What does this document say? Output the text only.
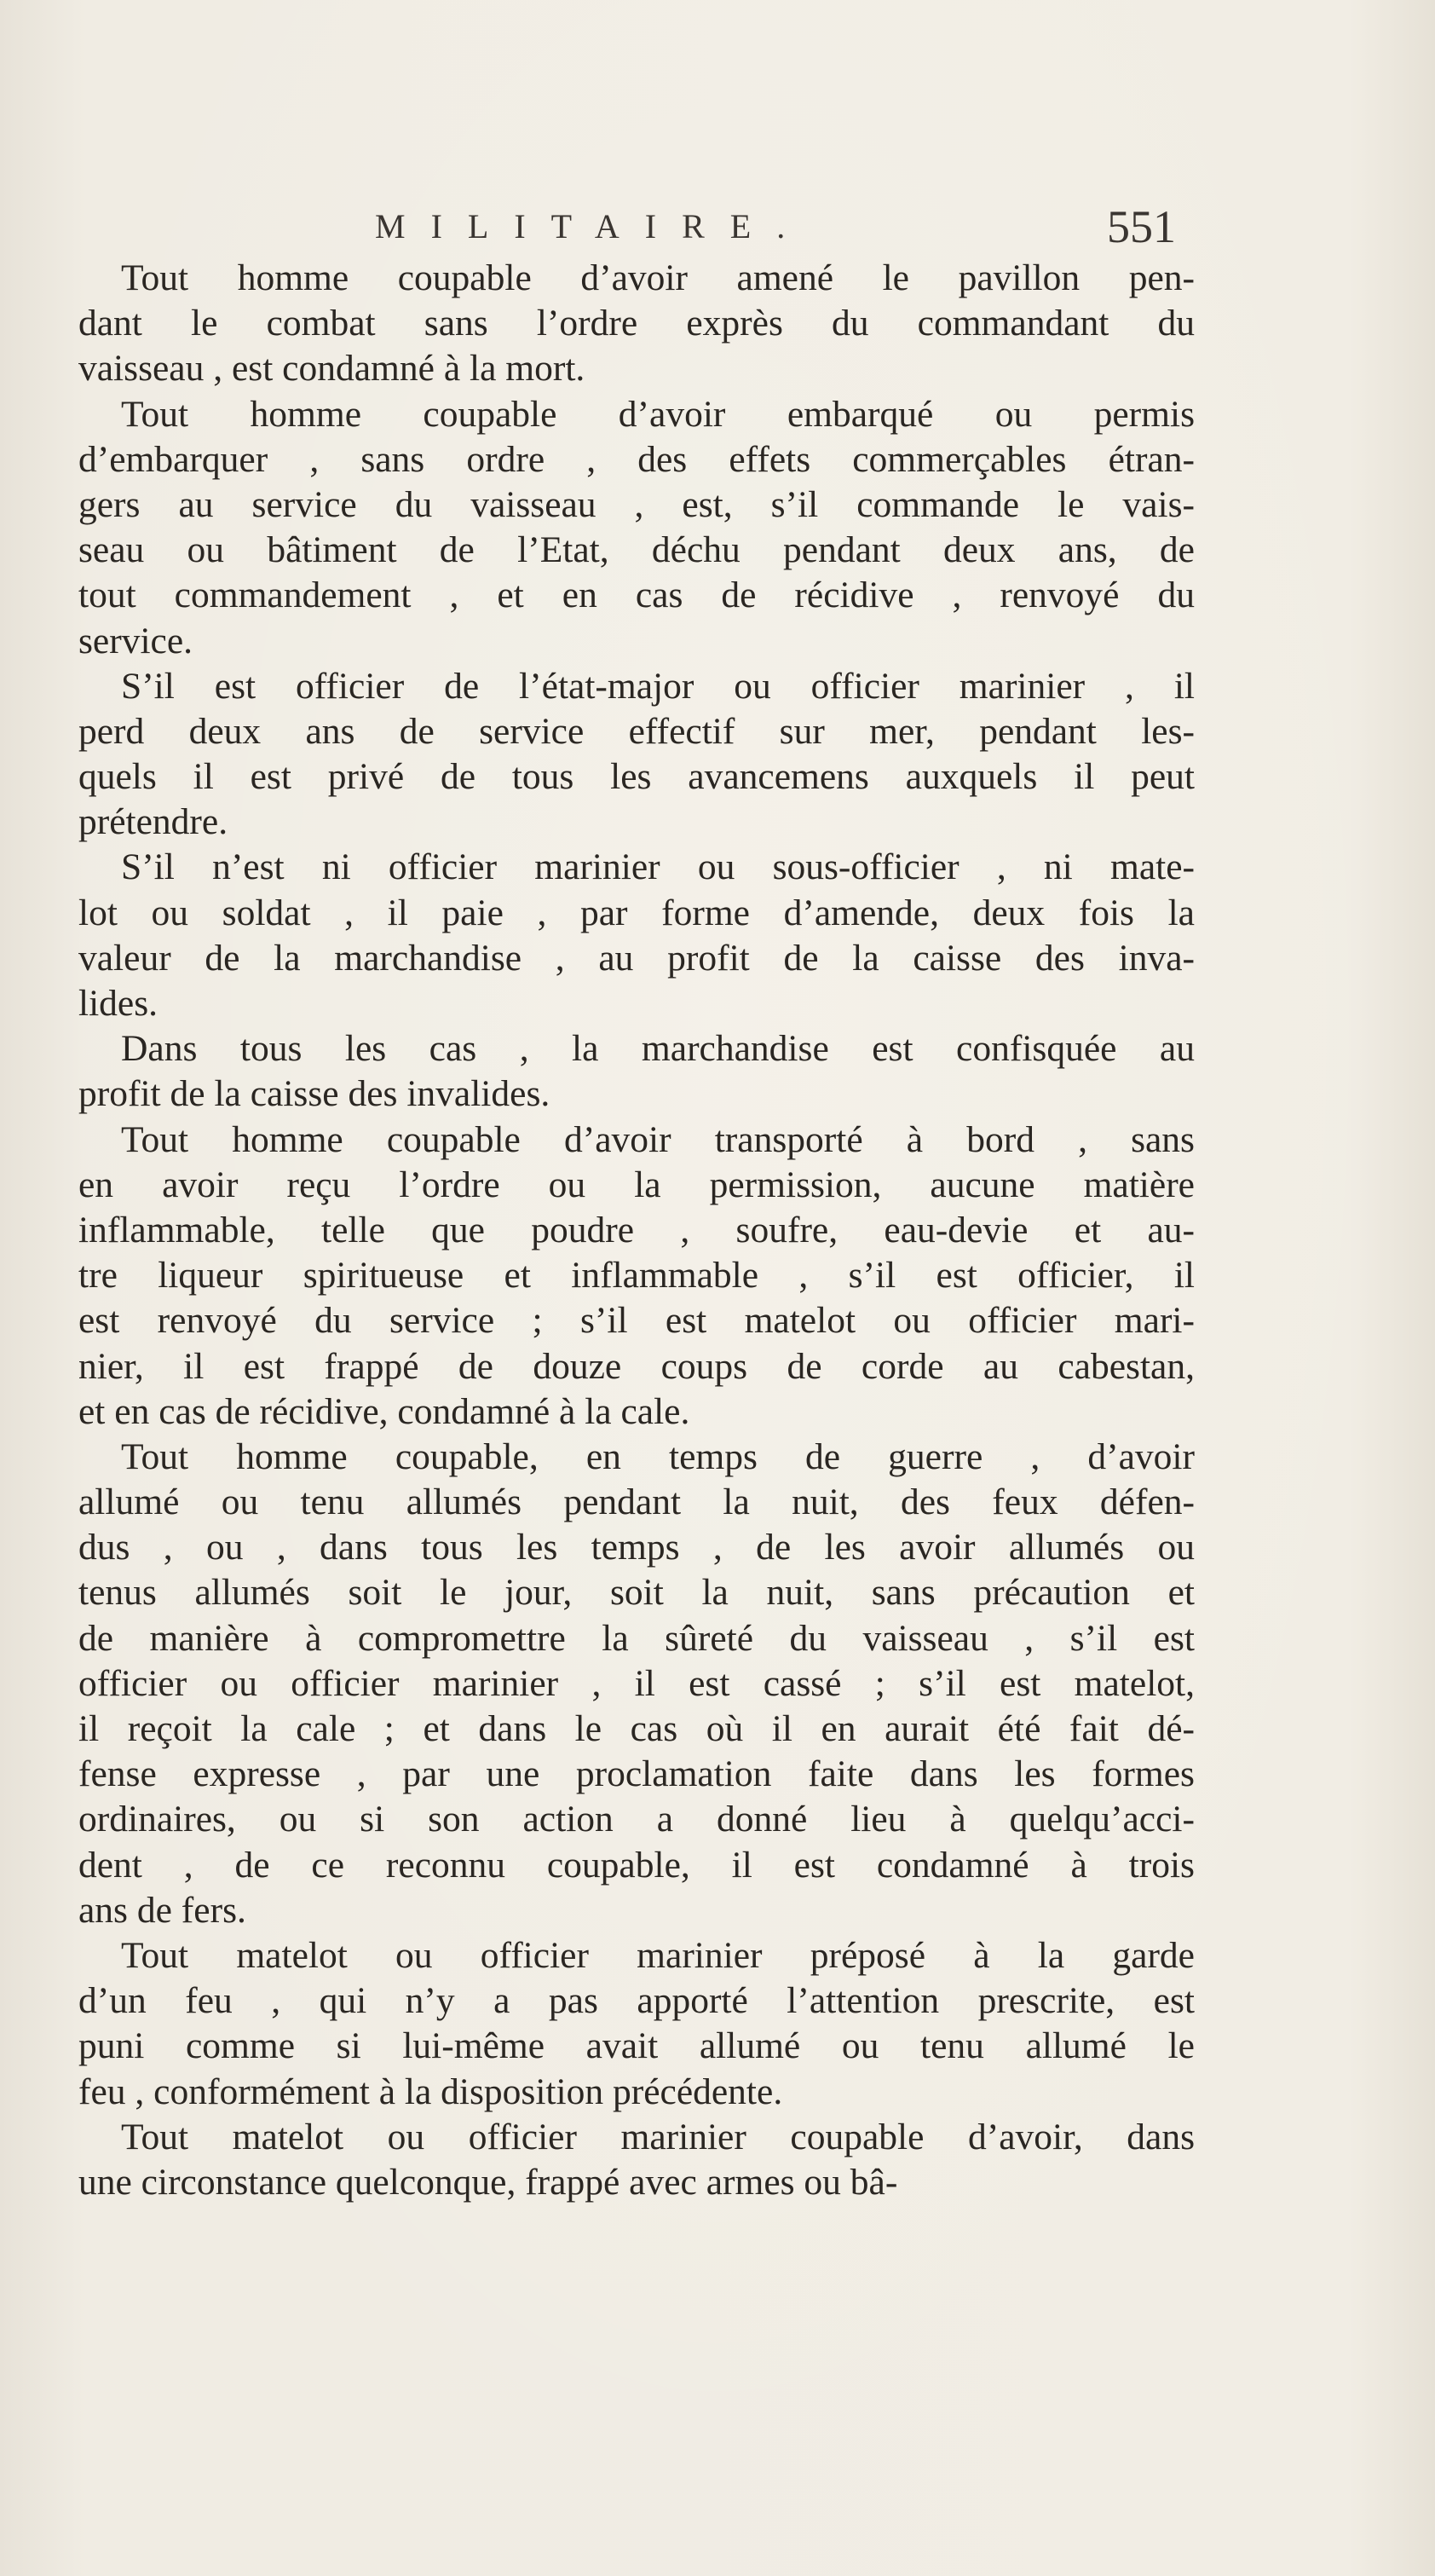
MILITAIRE.	551
Tout homme coupable d’avoir amené le pavillon pen-
dant le combat sans l’ordre exprès du commandant du
vaisseau , est condamné à la mort.
Tout homme coupable d’avoir embarqué ou permis
d’embarquer , sans ordre , des effets commerçables étran-
gers au service du vaisseau , est, s’il commande le vais-
seau ou bâtiment de l’Etat, déchu pendant deux ans, de
tout commandement , et en cas de récidive , renvoyé du
service.
S’il est officier de l’état-major ou officier marinier , il
perd deux ans de service effectif sur mer, pendant les-
quels il est privé de tous les avancemens auxquels il peut
prétendre.
S’il n’est ni officier marinier ou sous-officier , ni mate-
lot ou soldat , il paie , par forme d’amende, deux fois la
valeur de la marchandise , au profit de la caisse des inva-
lides.
Dans tous les cas , la marchandise est confisquée au
profit de la caisse des invalides.
Tout homme coupable d’avoir transporté à bord , sans
en avoir reçu l’ordre ou la permission, aucune matière
inflammable, telle que poudre , soufre, eau-devie et au-
tre liqueur spiritueuse et inflammable , s’il est officier, il
est renvoyé du service ; s’il est matelot ou officier mari-
nier, il est frappé de douze coups de corde au cabestan,
et en cas de récidive, condamné à la cale.
Tout homme coupable, en temps de guerre , d’avoir
allumé ou tenu allumés pendant la nuit, des feux défen-
dus , ou , dans tous les temps , de les avoir allumés ou
tenus allumés soit le jour, soit la nuit, sans précaution et
de manière à compromettre la sûreté du vaisseau , s’il est
officier ou officier marinier , il est cassé ; s’il est matelot,
il reçoit la cale ; et dans le cas où il en aurait été fait dé-
fense expresse , par une proclamation faite dans les formes
ordinaires, ou si son action a donné lieu à quelqu’acci-
dent , de ce reconnu coupable, il est condamné à trois
ans de fers.
Tout matelot ou officier marinier préposé à la garde
d’un feu , qui n’y a pas apporté l’attention prescrite, est
puni comme si lui-même avait allumé ou tenu allumé le
feu , conformément à la disposition précédente.
Tout matelot ou officier marinier coupable d’avoir, dans
une circonstance quelconque, frappé avec armes ou bâ-
